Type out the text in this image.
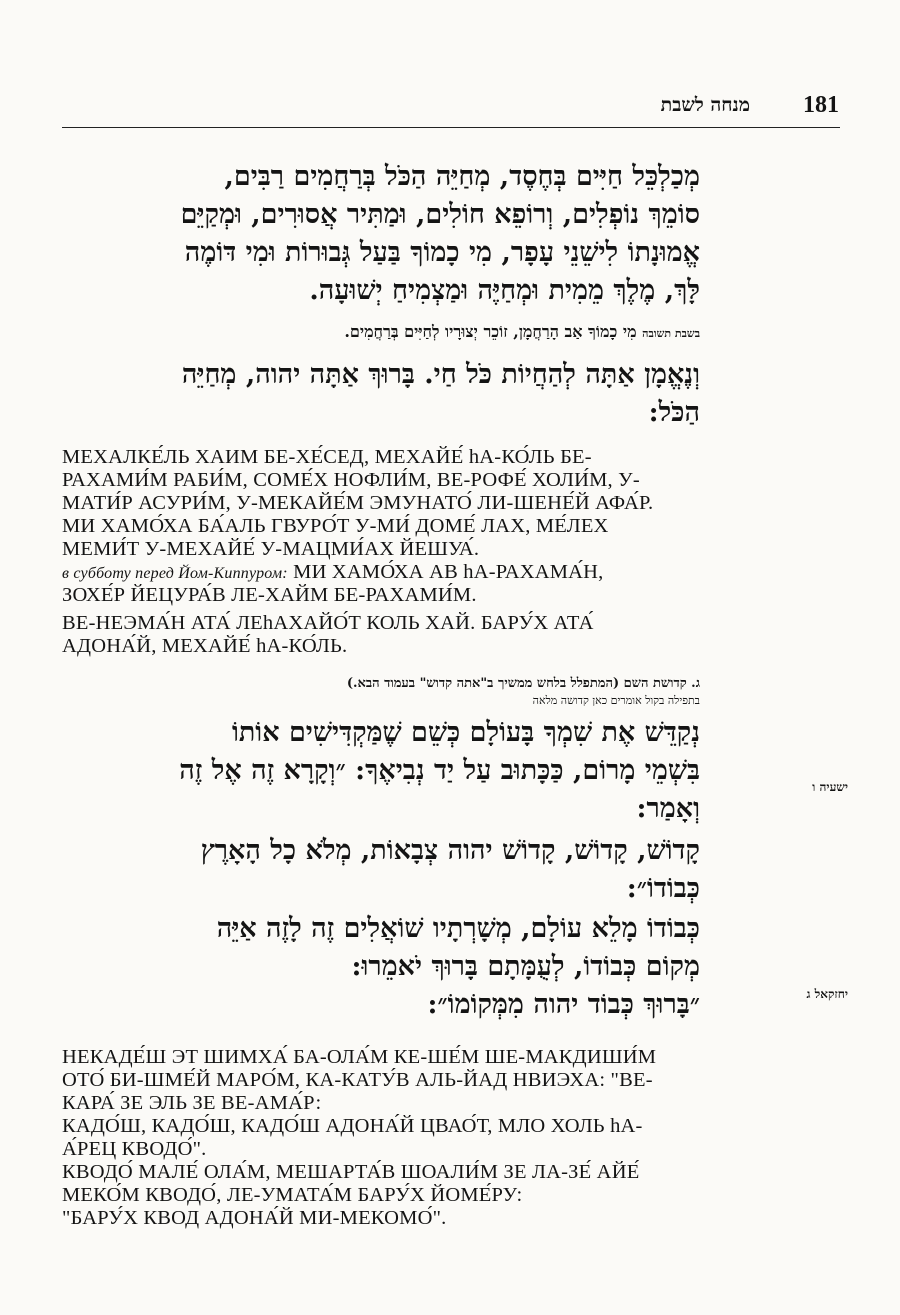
181
מנחה לשבת
מְכַלְכֵּל חַיִּים בְּחֶסֶד, מְחַיֵּה הַכֹּל בְּרַחֲמִים רַבִּים,
סוֹמֵךְ נוֹפְלִים, וְרוֹפֵא חוֹלִים, וּמַתִּיר אֲסוּרִים, וּמְקַיֵּם
אֱמוּנָתוֹ לִישֵׁנֵי עָפָר, מִי כָמוֹךָ בַּעַל גְּבוּרוֹת וּמִי דּוֹמֶה
לָּךְ, מֶלֶךְ מֵמִית וּמְחַיֶּה וּמַצְמִיחַ יְשׁוּעָה.
בשבת תשובה מִי כָמוֹךָ אַב הָרַחֲמָן, זוֹכֵר יְצוּרָיו לְחַיִּים בְּרַחֲמִים.
וְנֶאֱמָן אַתָּה לְהַחֲיוֹת כֹּל חַי. בָּרוּךְ אַתָּה יהוה, מְחַיֵּה
הַכֹּל:
МЕХАЛКЕ́ЛЬ ХАИМ БЕ-ХЕ́СЕД, МЕХАЙЕ́ hА-КО́ЛЬ БЕ-
РАХАМИ́М РАБИ́М, СОМЕ́Х НОФЛИ́М, ВЕ-РОФЕ́ ХОЛИ́М, У-
МАТИ́Р АСУРИ́М, У-МЕКАЙЕ́М ЭМУНАТО́ ЛИ-ШЕНЕ́Й АФА́Р.
МИ ХАМО́ХА БА́АЛЬ ГВУРО́Т У-МИ́ ДОМЕ́ ЛАХ, МЕ́ЛЕХ
МЕМИ́Т У-МЕХАЙЕ́ У-МАЦМИ́АХ ЙЕШУА́.
в субботу перед Йом-Киппуром: МИ ХАМО́ХА АВ hА-РАХАМА́Н,
ЗОХЕ́Р ЙЕЦУРА́В ЛЕ-ХАЙМ БЕ-РАХАМИ́М.
ВЕ-НЕЭМА́Н АТА́ ЛЕhАХАЙО́Т КОЛЬ ХАЙ. БАРУ́Х АТА́
АДОНА́Й, МЕХАЙЕ́ hА-КО́ЛЬ.
ג. קדושת השם (המתפלל בלחש ממשיך ב"אתה קדוש" בעמוד הבא.)
בתפילה בקול אומרים כאן קדושה מלאה
ישעיה ו
יחזקאל ג
נְקַדֵּשׁ אֶת שִׁמְךָ בָּעוֹלָם כְּשֵׁם שֶׁמַּקְדִּישִׁים אוֹתוֹ
בִּשְׁמֵי מָרוֹם, כַּכָּתוּב עַל יַד נְבִיאֶךָ: ״וְקָרָא זֶה אֶל זֶה
וְאָמַר:
קָדוֹשׁ, קָדוֹשׁ, קָדוֹשׁ יהוה צְבָאוֹת, מְלֹא כָל הָאָרֶץ
כְּבוֹדוֹ״:
כְּבוֹדוֹ מָלֵא עוֹלָם, מְשָׁרְתָיו שׁוֹאֲלִים זֶה לָזֶה אַיֵּה
מְקוֹם כְּבוֹדוֹ, לְעֻמָּתָם בָּרוּךְ יֹאמֵרוּ:
״בָּרוּךְ כְּבוֹד יהוה מִמְּקוֹמוֹ״:
НЕКАДЕ́Ш ЭТ ШИМХА́ БА-ОЛА́М КЕ-ШЕ́М ШЕ-МАКДИШИ́М
ОТО́ БИ-ШМЕ́Й МАРО́М, КА-КАТУ́В АЛЬ-ЙАД НВИЭХА: "ВЕ-
КАРА́ ЗЕ ЭЛЬ ЗЕ ВЕ-АМА́Р:
КАДО́Ш, КАДО́Ш, КАДО́Ш АДОНА́Й ЦВАО́Т, МЛО ХОЛЬ hА-
А́РЕЦ КВОДО́".
КВОДО́ МАЛЕ́ ОЛА́М, МЕШАРТА́В ШОАЛИ́М ЗЕ ЛА-ЗЕ́ АЙЕ́
МЕКО́М КВОДО́, ЛЕ-УМАТА́М БАРУ́Х ЙОМЕ́РУ:
"БАРУ́Х КВОД АДОНА́Й МИ-МЕКОМО́".
